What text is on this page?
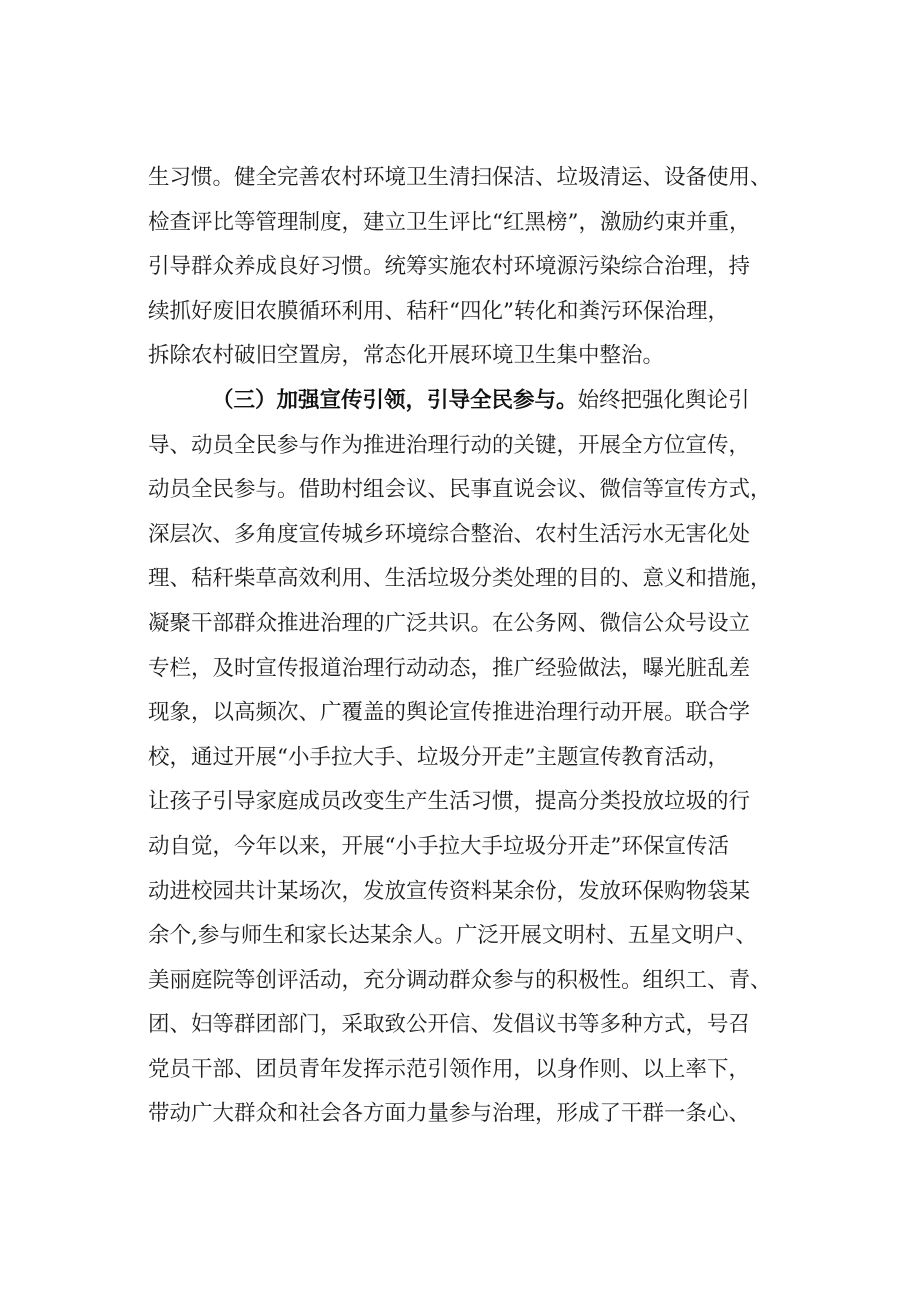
生习惯。健全完善农村环境卫生清扫保洁、垃圾清运、设备使用、
检查评比等管理制度，建立卫生评比“红黑榜”，激励约束并重，
引导群众养成良好习惯。统筹实施农村环境源污染综合治理，持
续抓好废旧农膜循环利用、秸秆“四化”转化和粪污环保治理，
拆除农村破旧空置房，常态化开展环境卫生集中整治。
（三）加强宣传引领，引导全民参与。始终把强化舆论引
导、动员全民参与作为推进治理行动的关键，开展全方位宣传，
动员全民参与。借助村组会议、民事直说会议、微信等宣传方式，
深层次、多角度宣传城乡环境综合整治、农村生活污水无害化处
理、秸秆柴草高效利用、生活垃圾分类处理的目的、意义和措施，
凝聚干部群众推进治理的广泛共识。在公务网、微信公众号设立
专栏，及时宣传报道治理行动动态，推广经验做法，曝光脏乱差
现象，以高频次、广覆盖的舆论宣传推进治理行动开展。联合学
校，通过开展“小手拉大手、垃圾分开走”主题宣传教育活动，
让孩子引导家庭成员改变生产生活习惯，提高分类投放垃圾的行
动自觉，今年以来，开展“小手拉大手垃圾分开走”环保宣传活
动进校园共计某场次，发放宣传资料某余份，发放环保购物袋某
余个,参与师生和家长达某余人。广泛开展文明村、五星文明户、
美丽庭院等创评活动，充分调动群众参与的积极性。组织工、青、
团、妇等群团部门，采取致公开信、发倡议书等多种方式，号召
党员干部、团员青年发挥示范引领作用，以身作则、以上率下，
带动广大群众和社会各方面力量参与治理，形成了干群一条心、
